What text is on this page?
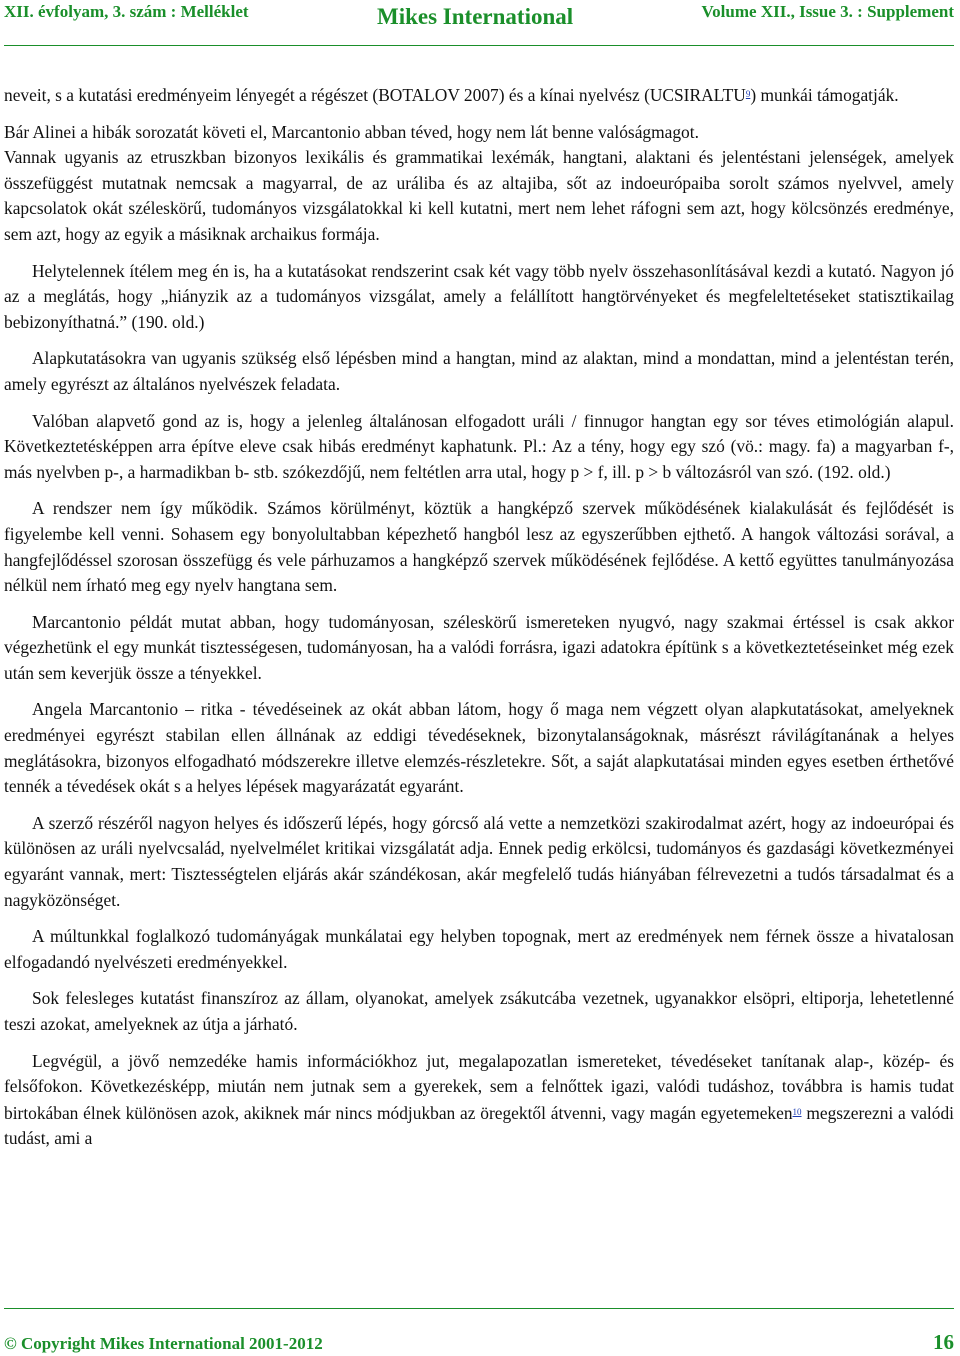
XII. évfolyam, 3. szám : Melléklet	Mikes International	Volume XII., Issue 3. : Supplement

neveit, s a kutatási eredményeim lényegét a régészet (BOTALOV 2007) és a kínai nyelvész (UCSIRALTU$^9$) munkái támogatják.

Bár Alinei a hibák sorozatát követi el, Marcantonio abban téved, hogy nem lát benne valóságmagot.

Vannak ugyanis az etruszkban bizonyos lexikális és grammatikai lexémák, hangtani, alaktani és jelentéstani jelenségek, amelyek összefüggést mutatnak nemcsak a magyarral, de az uráliba és az altajiba, sőt az indoeurópaiba sorolt számos nyelvvel, amely kapcsolatok okát széleskörű, tudományos vizsgálatokkal ki kell kutatni, mert nem lehet ráfogni sem azt, hogy kölcsönzés eredménye, sem azt, hogy az egyik a másiknak archaikus formája.

Helytelennek ítélem meg én is, ha a kutatásokat rendszerint csak két vagy több nyelv összehasonlításával kezdi a kutató. Nagyon jó az a meglátás, hogy „hiányzik az a tudományos vizsgálat, amely a felállított hangtörvényeket és megfeleltetéseket statisztikailag bebizonyíthatná.” (190. old.)

Alapkutatásokra van ugyanis szükség első lépésben mind a hangtan, mind az alaktan, mind a mondattan, mind a jelentéstan terén, amely egyrészt az általános nyelvészek feladata.

Valóban alapvető gond az is, hogy a jelenleg általánosan elfogadott uráli / finnugor hangtan egy sor téves etimológián alapul. Következtetésképpen arra építve eleve csak hibás eredményt kaphatunk. Pl.: Az a tény, hogy egy szó (vö.: magy. fa) a magyarban f-, más nyelvben p-, a harmadikban b- stb. szókezdőjű, nem feltétlen arra utal, hogy p > f, ill. p > b változásról van szó. (192. old.)

A rendszer nem így működik. Számos körülményt, köztük a hangképző szervek működésének kialakulását és fejlődését is figyelembe kell venni. Sohasem egy bonyolultabban képezhető hangból lesz az egyszerűbben ejthető. A hangok változási sorával, a hangfejlődéssel szorosan összefügg és vele párhuzamos a hangképző szervek működésének fejlődése. A kettő együttes tanulmányozása nélkül nem írható meg egy nyelv hangtana sem.

Marcantonio példát mutat abban, hogy tudományosan, széleskörű ismereteken nyugvó, nagy szakmai értéssel is csak akkor végezhetünk el egy munkát tisztességesen, tudományosan, ha a valódi forrásra, igazi adatokra építünk s a következtetéseinket még ezek után sem keverjük össze a tényekkel.

Angela Marcantonio – ritka - tévedéseinek az okát abban látom, hogy ő maga nem végzett olyan alapkutatásokat, amelyeknek eredményei egyrészt stabilan ellen állnának az eddigi tévedéseknek, bizonytalanságoknak, másrészt rávilágítanának a helyes meglátásokra, bizonyos elfogadható módszerekre illetve elemzés-részletekre. Sőt, a saját alapkutatásai minden egyes esetben érthetővé tennék a tévedések okát s a helyes lépések magyarázatát egyaránt.

A szerző részéről nagyon helyes és időszerű lépés, hogy górcső alá vette a nemzetközi szakirodalmat azért, hogy az indoeurópai és különösen az uráli nyelvcsalád, nyelvelmélet kritikai vizsgálatát adja. Ennek pedig erkölcsi, tudományos és gazdasági következményei egyaránt vannak, mert: Tisztességtelen eljárás akár szándékosan, akár megfelelő tudás hiányában félrevezetni a tudós társadalmat és a nagyközönséget.

A múltunkkal foglalkozó tudományágak munkálatai egy helyben topognak, mert az eredmények nem férnek össze a hivatalosan elfogadandó nyelvészeti eredményekkel.

Sok felesleges kutatást finanszíroz az állam, olyanokat, amelyek zsákutcába vezetnek, ugyanakkor elsöpri, eltiporja, lehetetlenné teszi azokat, amelyeknek az útja a járható.

Legvégül, a jövő nemzedéke hamis információkhoz jut, megalapozatlan ismereteket, tévedéseket tanítanak alap-, közép- és felsőfokon. Következésképp, miután nem jutnak sem a gyerekek, sem a felnőttek igazi, valódi tudáshoz, továbbra is hamis tudat birtokában élnek különösen azok, akiknek már nincs módjukban az öregektől átvenni, vagy magán egyetemeken$^{10}$ megszerezni a valódi tudást, ami a

© Copyright Mikes International 2001-2012	16
